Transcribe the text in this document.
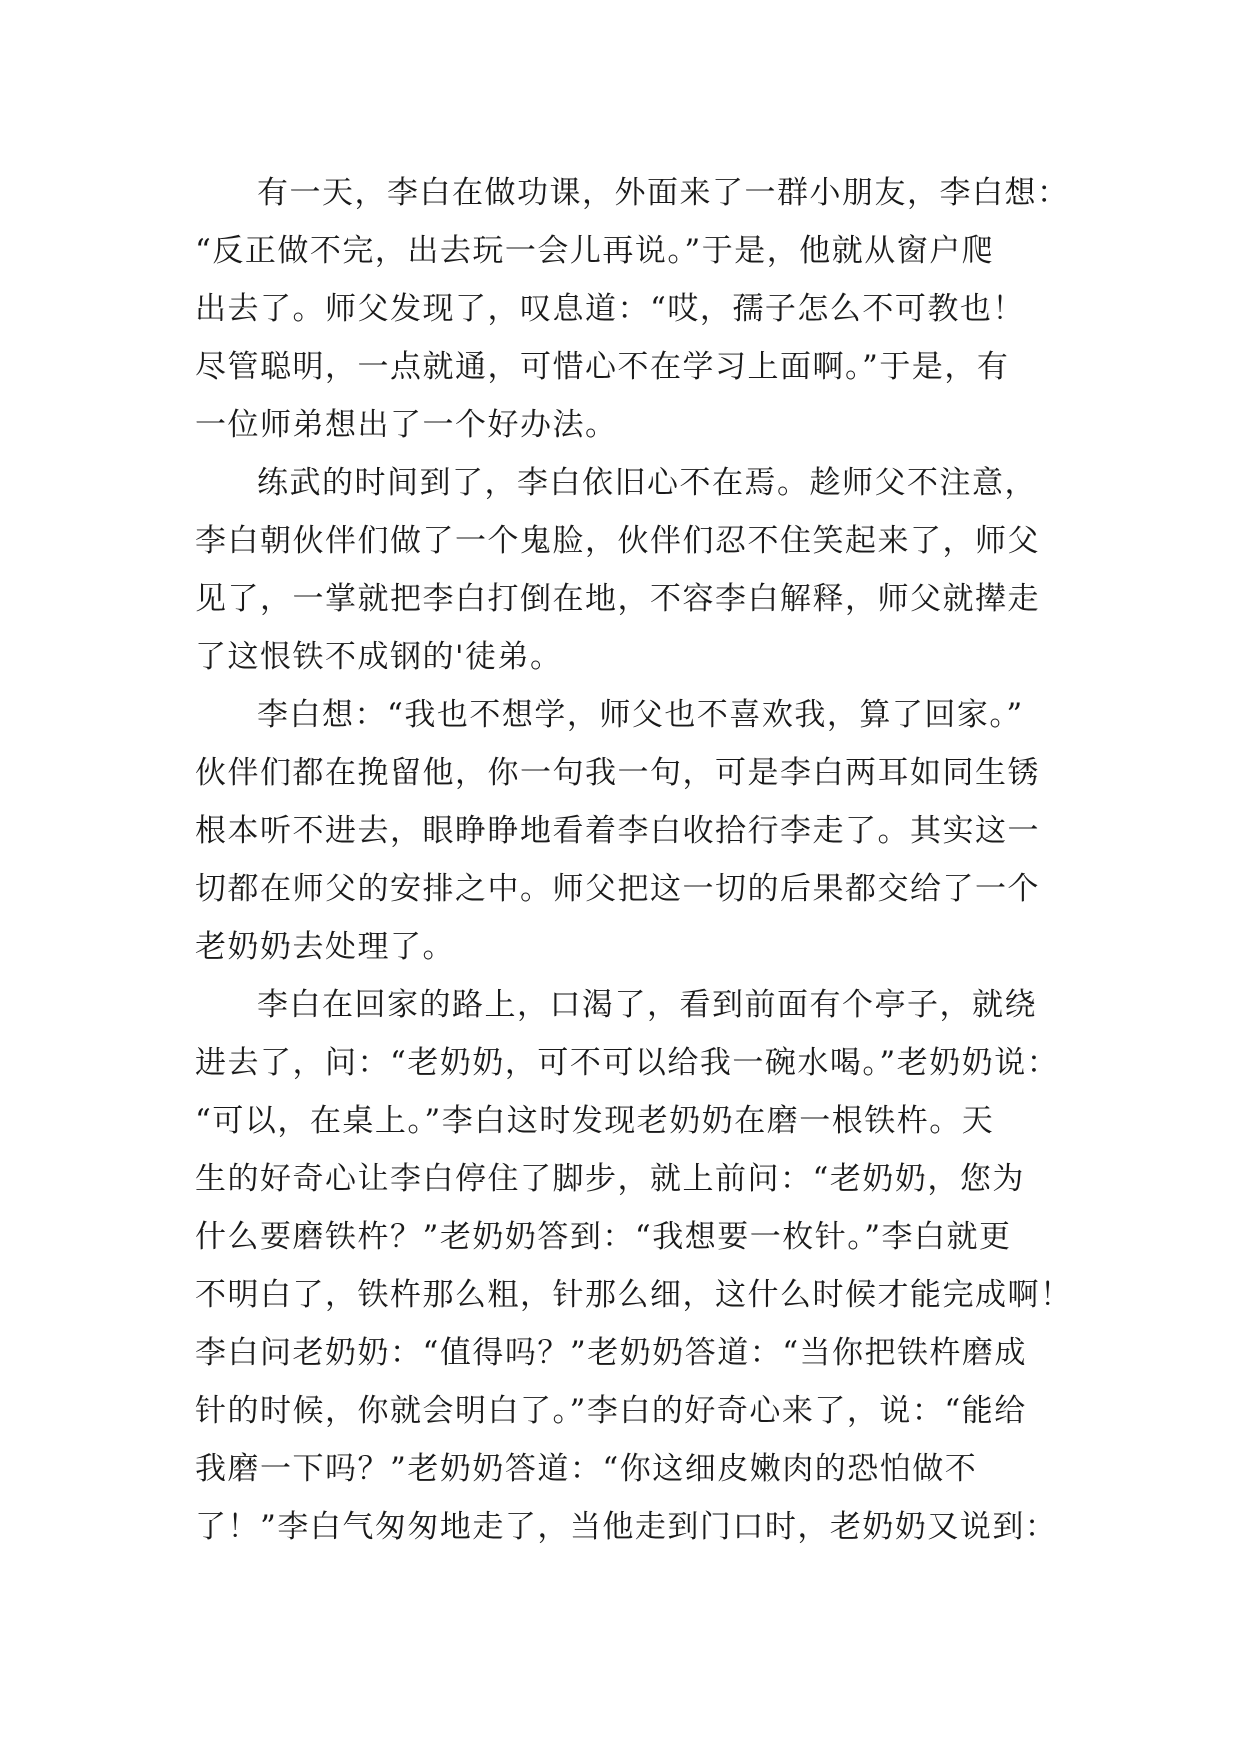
有一天，李白在做功课，外面来了一群小朋友，李白想：
“反正做不完，出去玩一会儿再说。”于是，他就从窗户爬
出去了。师父发现了，叹息道：“哎，孺子怎么不可教也！
尽管聪明，一点就通，可惜心不在学习上面啊。”于是，有
一位师弟想出了一个好办法。
练武的时间到了，李白依旧心不在焉。趁师父不注意，
李白朝伙伴们做了一个鬼脸，伙伴们忍不住笑起来了，师父
见了，一掌就把李白打倒在地，不容李白解释，师父就撵走
了这恨铁不成钢的'徒弟。
李白想：“我也不想学，师父也不喜欢我，算了回家。”
伙伴们都在挽留他，你一句我一句，可是李白两耳如同生锈
根本听不进去，眼睁睁地看着李白收拾行李走了。其实这一
切都在师父的安排之中。师父把这一切的后果都交给了一个
老奶奶去处理了。
李白在回家的路上，口渴了，看到前面有个亭子，就绕
进去了，问：“老奶奶，可不可以给我一碗水喝。”老奶奶说：
“可以，在桌上。”李白这时发现老奶奶在磨一根铁杵。天
生的好奇心让李白停住了脚步，就上前问：“老奶奶，您为
什么要磨铁杵？”老奶奶答到：“我想要一枚针。”李白就更
不明白了，铁杵那么粗，针那么细，这什么时候才能完成啊！
李白问老奶奶：“值得吗？”老奶奶答道：“当你把铁杵磨成
针的时候，你就会明白了。”李白的好奇心来了，说：“能给
我磨一下吗？”老奶奶答道：“你这细皮嫩肉的恐怕做不
了！”李白气匆匆地走了，当他走到门口时，老奶奶又说到：
